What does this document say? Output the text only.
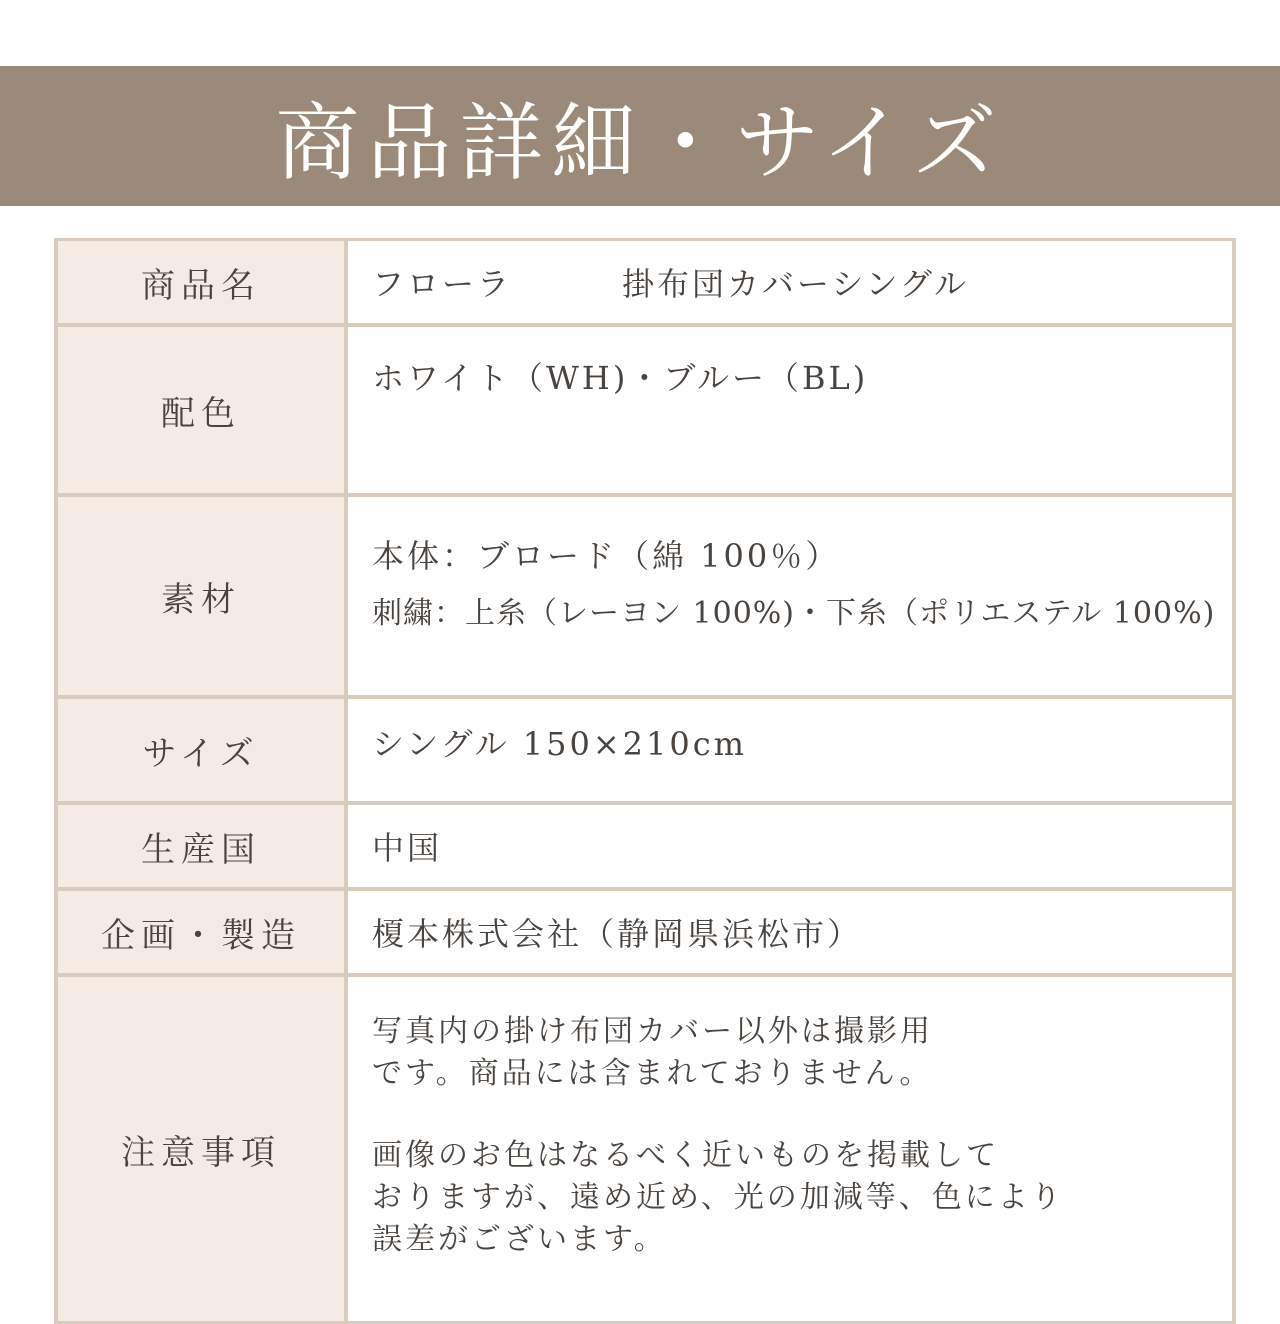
商品詳細・サイズ
商品名	フローラ 掛布団カバーシングル
配色	ホワイト（WH)・ブルー（BL)

素材	本体：ブロード（綿 100％）
刺繍：上糸（レーヨン 100%)・下糸（ポリエステル 100%)

サイズ	シングル 150×210cm

生産国	中国
企画・製造	榎本株式会社（静岡県浜松市）
注意事項	写真内の掛け布団カバー以外は撮影用
です。商品には含まれておりません。
画像のお色はなるべく近いものを掲載して
おりますが、遠め近め、光の加減等、色により
誤差がございます。
